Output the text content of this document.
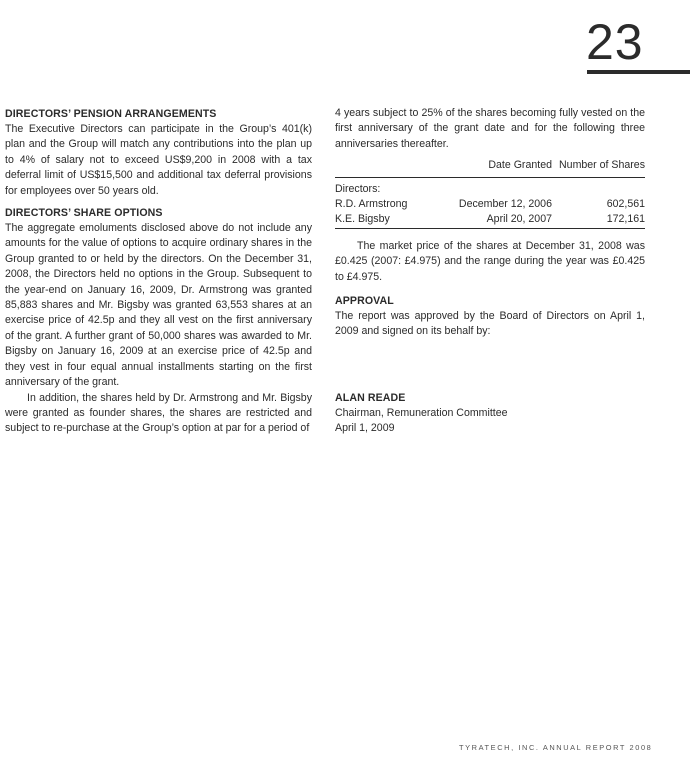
23
DIRECTORS’ PENSION ARRANGEMENTS

The Executive Directors can participate in the Group’s 401(k) plan and the Group will match any contributions into the plan up to 4% of salary not to exceed US$9,200 in 2008 with a tax deferral limit of US$15,500 and additional tax deferral provisions for employees over 50 years old.

DIRECTORS’ SHARE OPTIONS

The aggregate emoluments disclosed above do not include any amounts for the value of options to acquire ordinary shares in the Group granted to or held by the directors. On the December 31, 2008, the Directors held no options in the Group. Subsequent to the year-end on January 16, 2009, Dr. Armstrong was granted 85,883 shares and Mr. Bigsby was granted 63,553 shares at an exercise price of 42.5p and they all vest on the first anniversary of the grant. A further grant of 50,000 shares was awarded to Mr. Bigsby on January 16, 2009 at an exercise price of 42.5p and they vest in four equal annual installments starting on the first anniversary of the grant.

In addition, the shares held by Dr. Armstrong and Mr. Bigsby were granted as founder shares, the shares are restricted and subject to re-purchase at the Group’s option at par for a period of

4 years subject to 25% of the shares becoming fully vested on the first anniversary of the grant date and for the following three anniversaries thereafter.

	Date Granted	Number of Shares
Directors:		
R.D. Armstrong	December 12, 2006	602,561
K.E. Bigsby	April 20, 2007	172,161

The market price of the shares at December 31, 2008 was £0.425 (2007: £4.975) and the range during the year was £0.425 to £4.975.

APPROVAL

The report was approved by the Board of Directors on April 1, 2009 and signed on its behalf by:

ALAN READE

Chairman, Remuneration Committee

April 1, 2009

TYRATECH, INC. ANNUAL REPORT 2008
